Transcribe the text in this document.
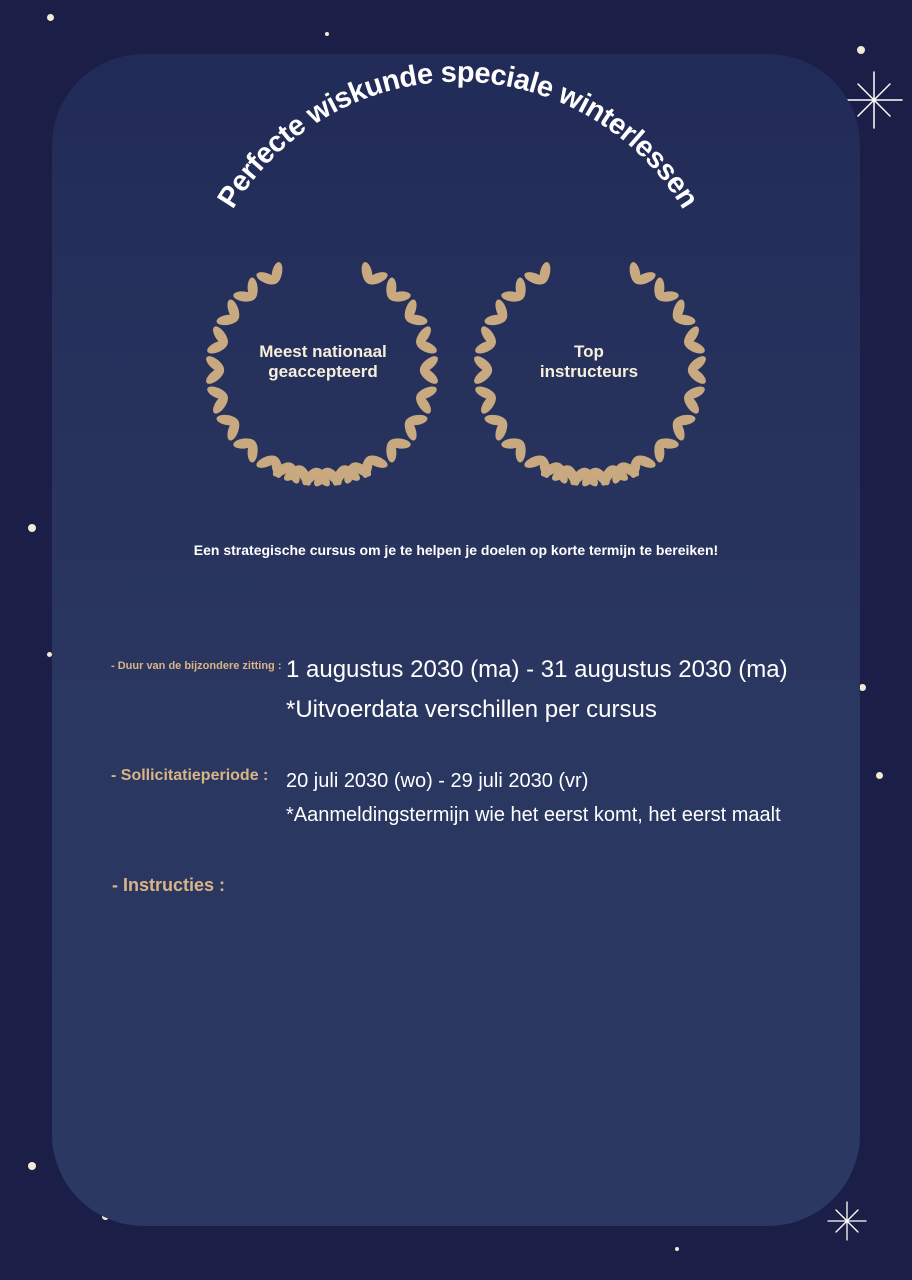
Perfecte wiskunde speciale winterlessen
Meest nationaal
geaccepteerd
Top
instructeurs
Een strategische cursus om je te helpen je doelen op korte termijn te bereiken!
- Duur van de bijzondere zitting : 1 augustus 2030 (ma) - 31 augustus 2030 (ma)
*Uitvoerdata verschillen per cursus
- Sollicitatieperiode : 20 juli 2030 (wo) - 29 juli 2030 (vr)
*Aanmeldingstermijn wie het eerst komt, het eerst maalt
- Instructies :
